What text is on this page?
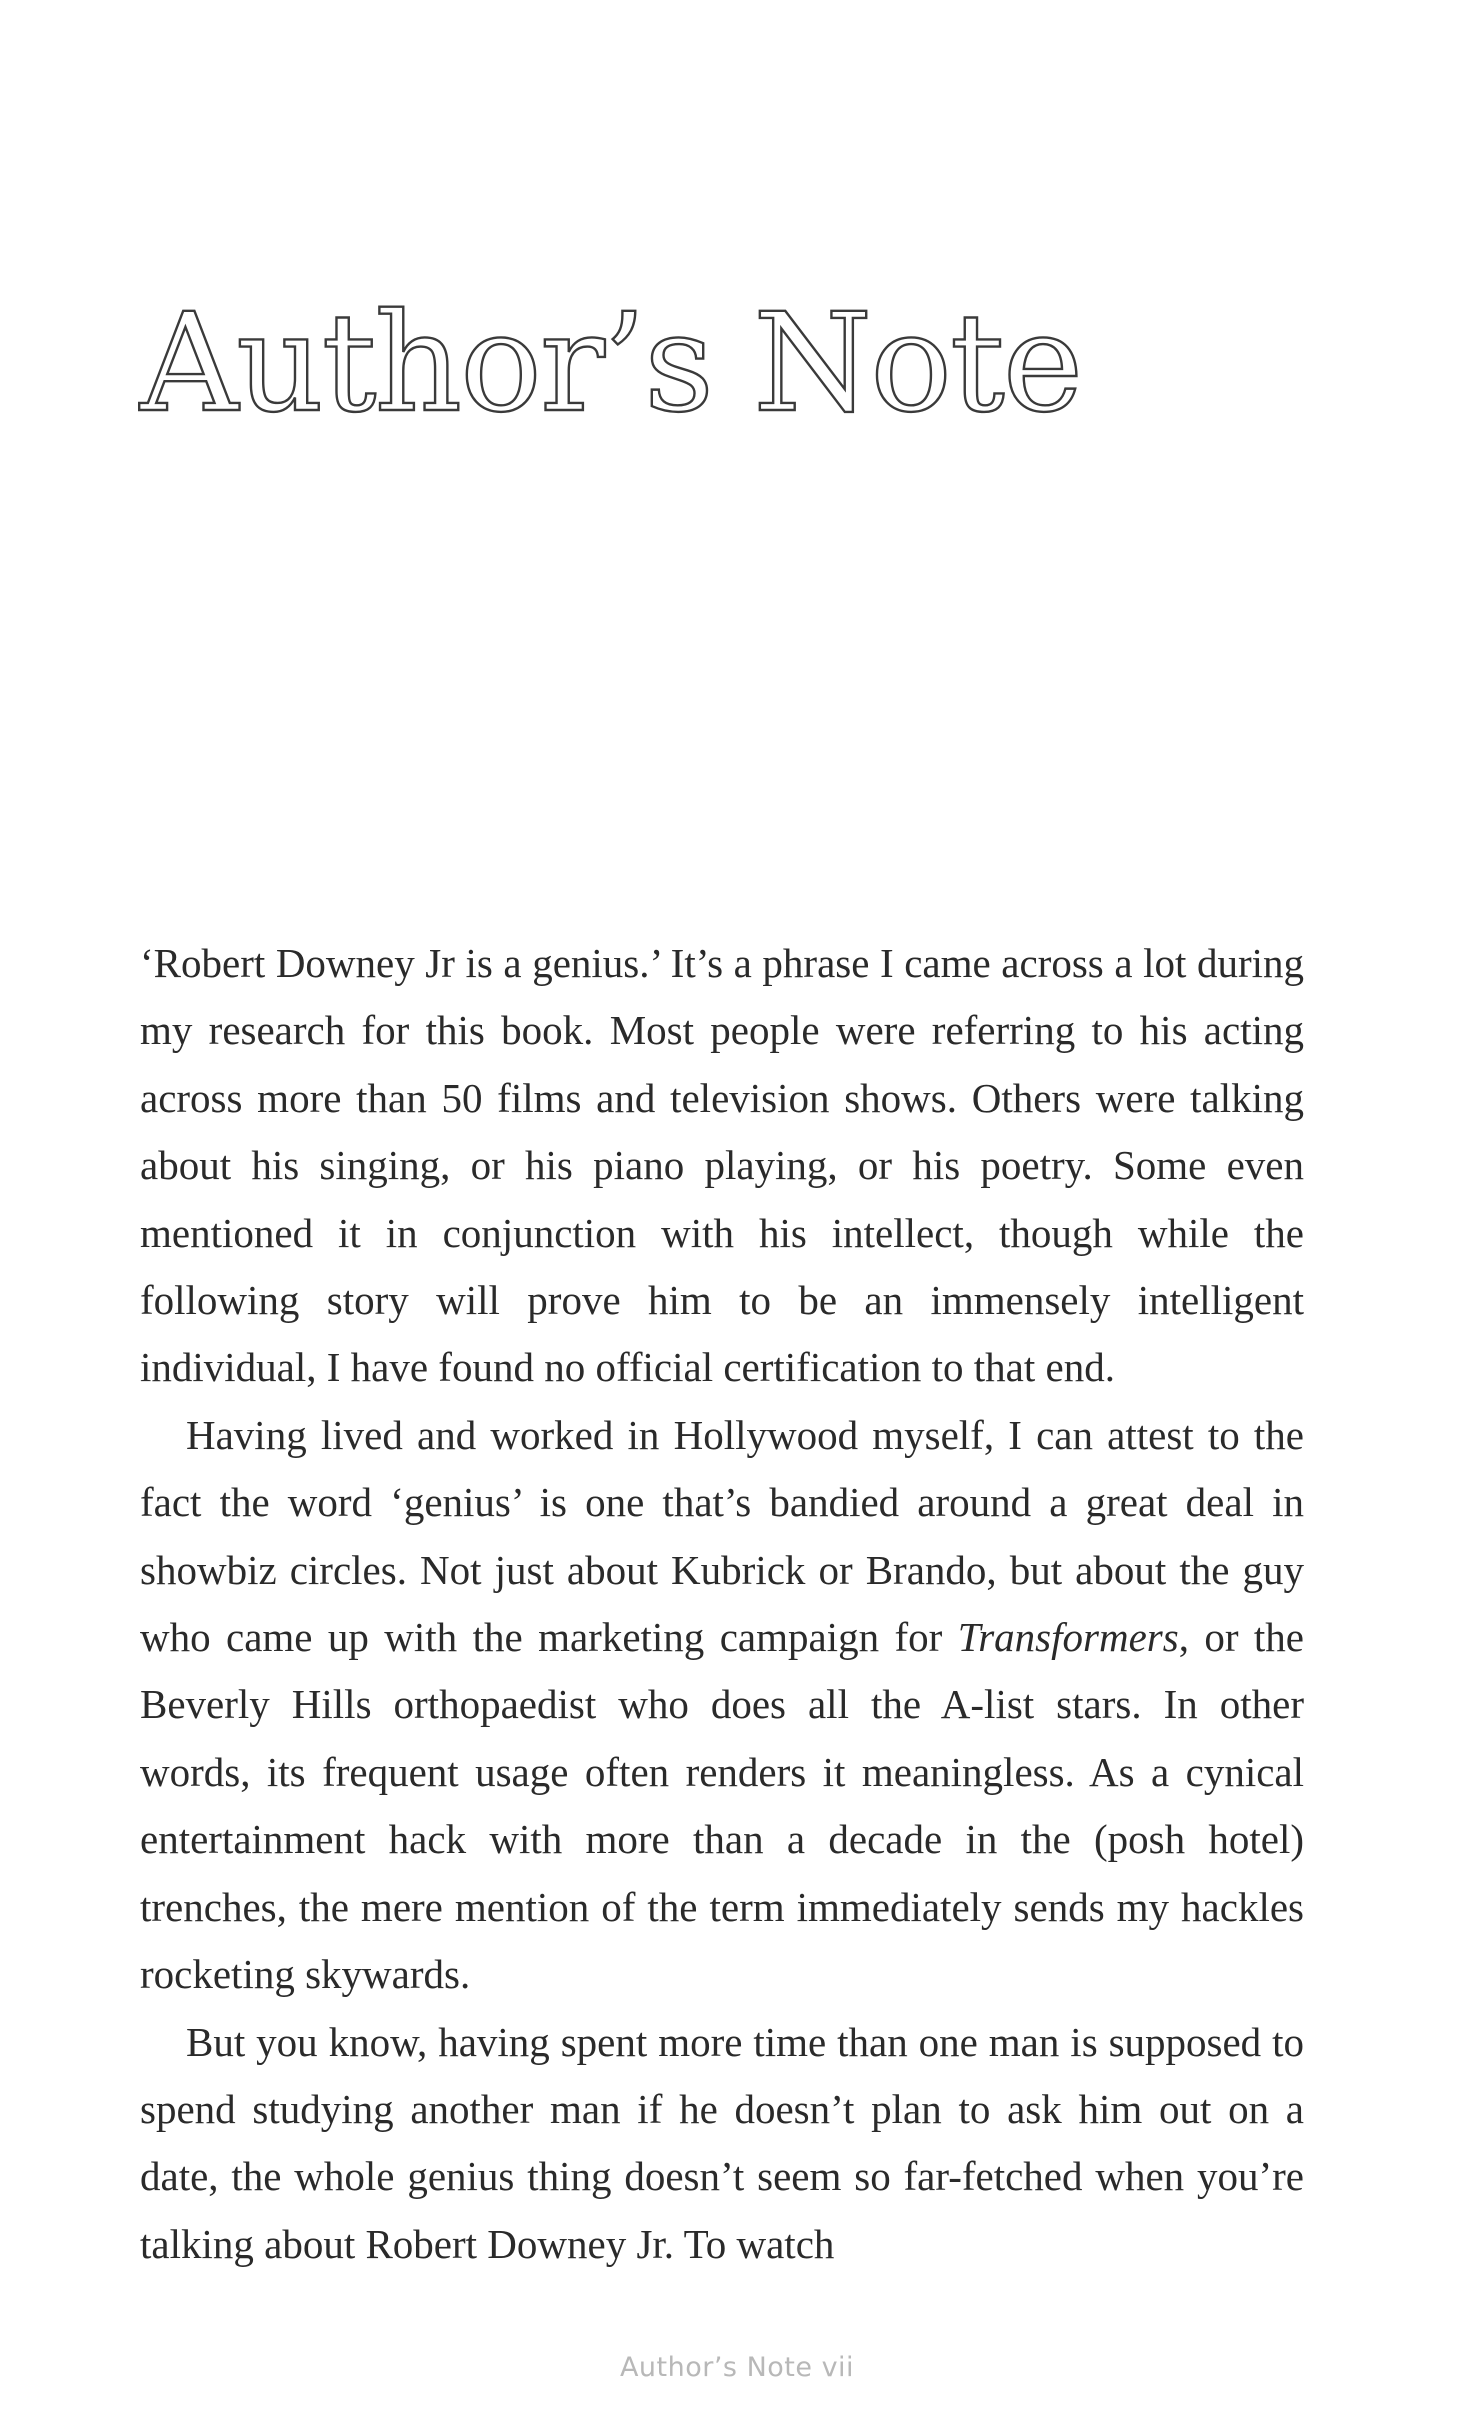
Author’s Note

‘Robert Downey Jr is a genius.’ It’s a phrase I came across a lot during my research for this book. Most people were referring to his acting across more than 50 films and television shows. Others were talking about his singing, or his piano playing, or his poetry. Some even mentioned it in conjunction with his intellect, though while the following story will prove him to be an immensely intelligent individual, I have found no official certification to that end.

Having lived and worked in Hollywood myself, I can attest to the fact the word ‘genius’ is one that’s bandied around a great deal in showbiz circles. Not just about Kubrick or Brando, but about the guy who came up with the marketing campaign for Transformers, or the Beverly Hills orthopaedist who does all the A-list stars. In other words, its frequent usage often renders it meaningless. As a cynical entertainment hack with more than a decade in the (posh hotel) trenches, the mere mention of the term immediately sends my hackles rocketing skywards.

But you know, having spent more time than one man is supposed to spend studying another man if he doesn’t plan to ask him out on a date, the whole genius thing doesn’t seem so far-fetched when you’re talking about Robert Downey Jr. To watch

Author’s Note vii
